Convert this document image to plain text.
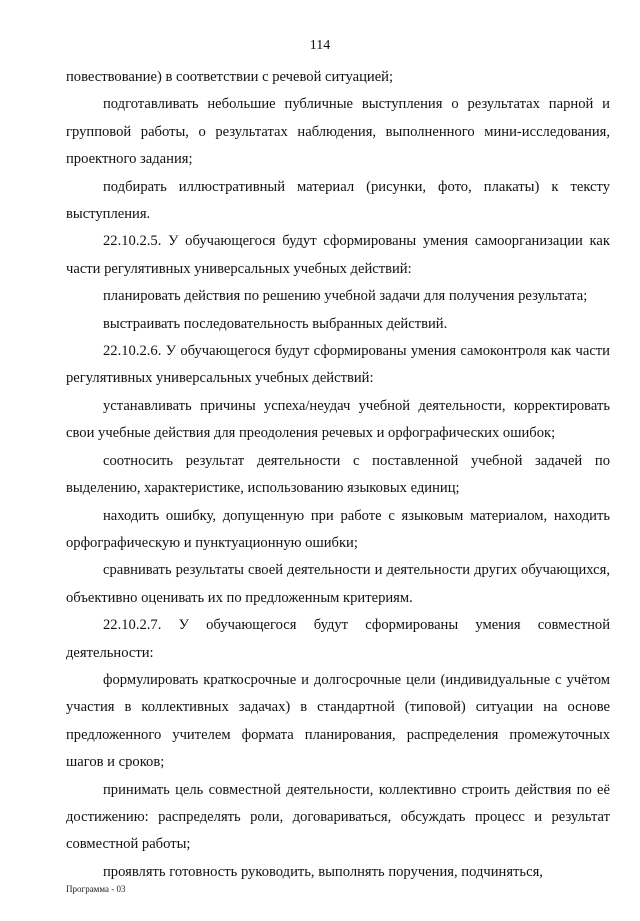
114

повествование) в соответствии с речевой ситуацией;

подготавливать небольшие публичные выступления о результатах парной и групповой работы, о результатах наблюдения, выполненного мини-исследования, проектного задания;

подбирать иллюстративный материал (рисунки, фото, плакаты) к тексту выступления.

22.10.2.5. У обучающегося будут сформированы умения самоорганизации как части регулятивных универсальных учебных действий:

планировать действия по решению учебной задачи для получения результата;

выстраивать последовательность выбранных действий.

22.10.2.6. У обучающегося будут сформированы умения самоконтроля как части регулятивных универсальных учебных действий:

устанавливать причины успеха/неудач учебной деятельности, корректировать свои учебные действия для преодоления речевых и орфографических ошибок;

соотносить результат деятельности с поставленной учебной задачей по выделению, характеристике, использованию языковых единиц;

находить ошибку, допущенную при работе с языковым материалом, находить орфографическую и пунктуационную ошибки;

сравнивать результаты своей деятельности и деятельности других обучающихся, объективно оценивать их по предложенным критериям.

22.10.2.7. У обучающегося будут сформированы умения совместной деятельности:

формулировать краткосрочные и долгосрочные цели (индивидуальные с учётом участия в коллективных задачах) в стандартной (типовой) ситуации на основе предложенного учителем формата планирования, распределения промежуточных шагов и сроков;

принимать цель совместной деятельности, коллективно строить действия по её достижению: распределять роли, договариваться, обсуждать процесс и результат совместной работы;

проявлять готовность руководить, выполнять поручения, подчиняться,

Программа - 03
